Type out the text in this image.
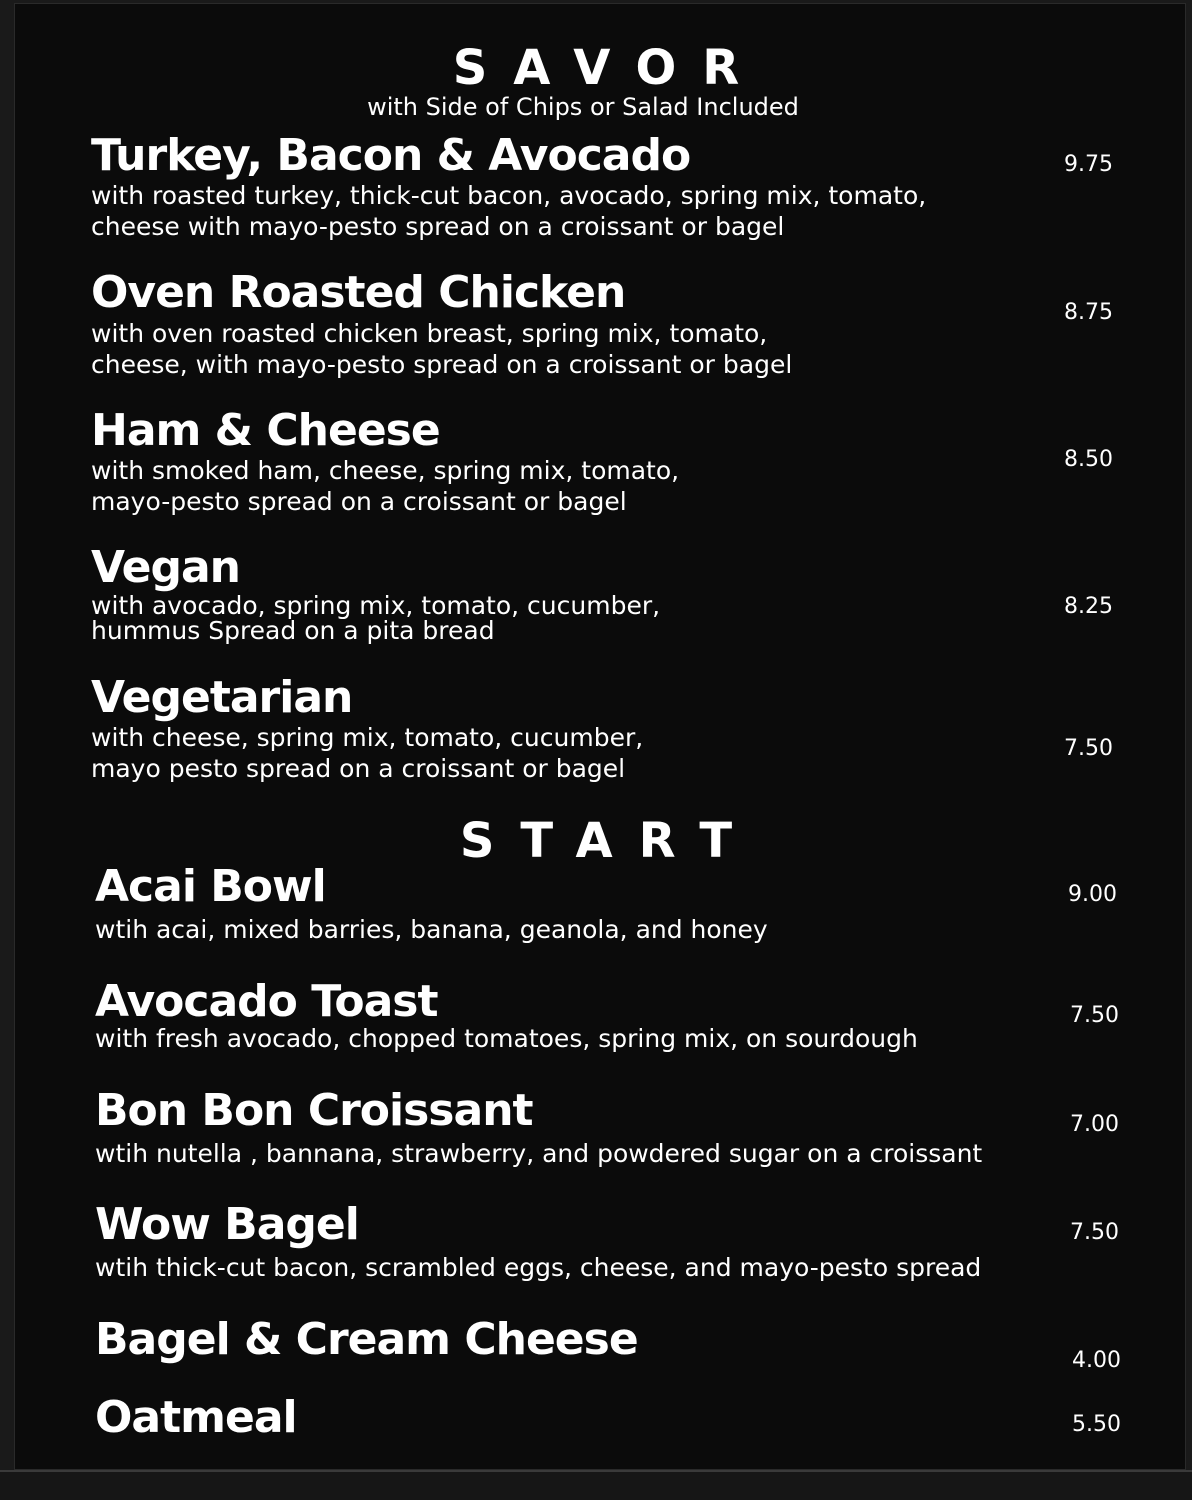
SAVOR
with Side of Chips or Salad Included
Turkey, Bacon & Avocado
with roasted turkey, thick-cut bacon, avocado, spring mix, tomato,
cheese with mayo-pesto spread on a croissant or bagel
9.75
Oven Roasted Chicken
with oven roasted chicken breast, spring mix, tomato,
cheese, with mayo-pesto spread on a croissant or bagel
8.75
Ham & Cheese
with smoked ham, cheese, spring mix, tomato,
mayo-pesto spread on a croissant or bagel
8.50
Vegan
with avocado, spring mix, tomato, cucumber,
hummus Spread on a pita bread
8.25
Vegetarian
with cheese, spring mix, tomato, cucumber,
mayo pesto spread on a croissant or bagel
7.50
START
Acai Bowl
wtih acai, mixed barries, banana, geanola, and honey
9.00
Avocado Toast
with fresh avocado, chopped tomatoes, spring mix, on sourdough
7.50
Bon Bon Croissant
wtih nutella , bannana, strawberry, and powdered sugar on a croissant
7.00
Wow Bagel
wtih thick-cut bacon, scrambled eggs, cheese, and mayo-pesto spread
7.50
Bagel & Cream Cheese	4.00
Oatmeal	5.50
